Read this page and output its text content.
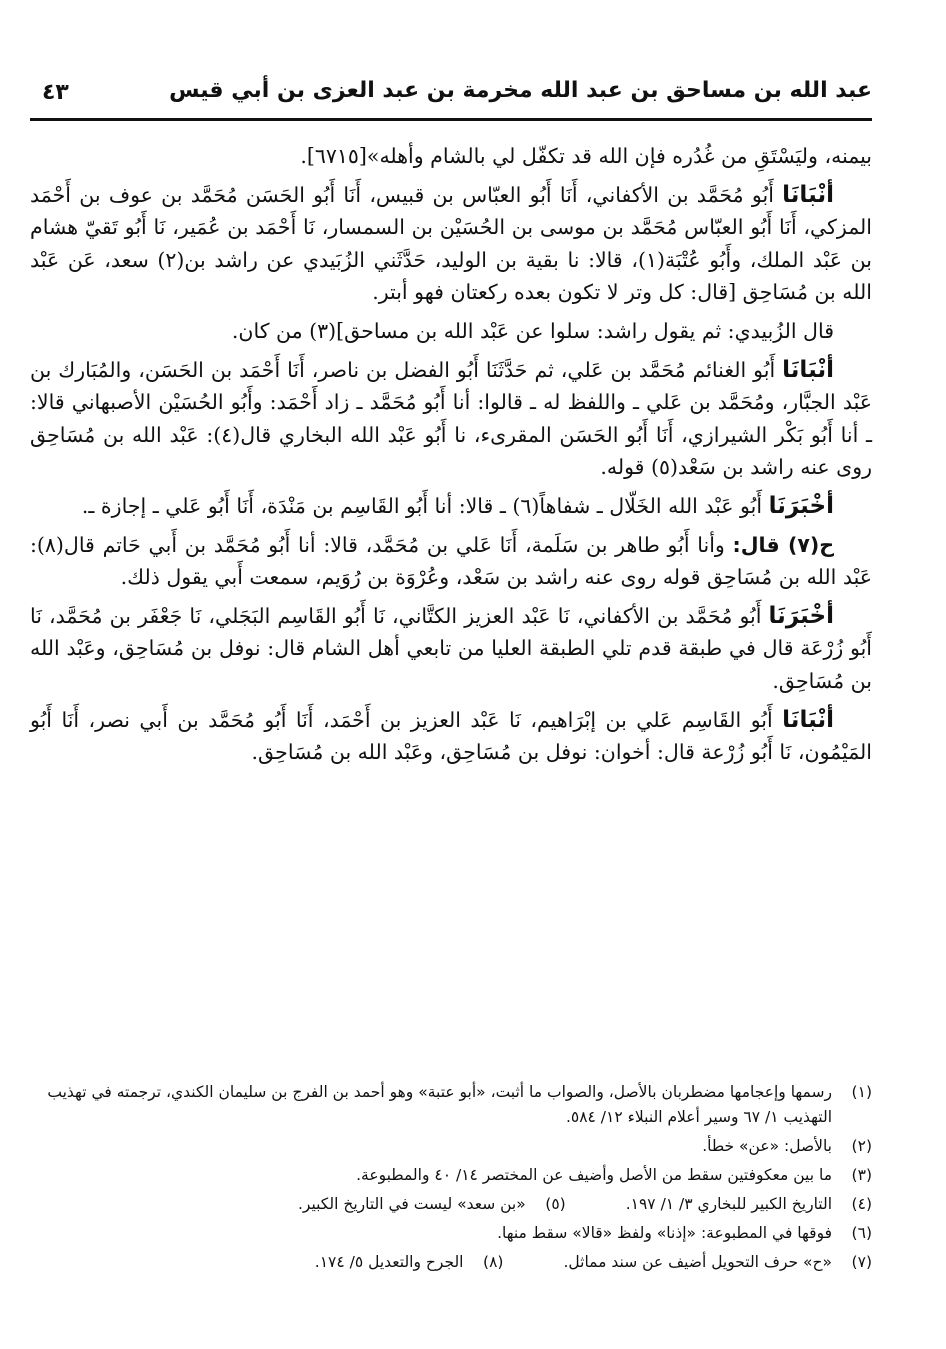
عبد الله بن مساحق بن عبد الله مخرمة بن عبد العزى بن أبي قيس
٤٣

بيمنه، وليَسْتَقِ من غُدُره فإن الله قد تكفّل لي بالشام وأهله»[٦٧١٥].

أنْبَانَا أَبُو مُحَمَّد بن الأكفاني، أَنَا أَبُو العبّاس بن قبيس، أَنَا أَبُو الحَسَن مُحَمَّد بن عوف بن أَحْمَد المزكي، أَنَا أَبُو العبّاس مُحَمَّد بن موسى بن الحُسَيْن بن السمسار، نَا أَحْمَد بن عُمَير، نَا أَبُو تَقيّ هشام بن عَبْد الملك، وأَبُو عُتْبَة(١)، قالا: نا بقية بن الوليد، حَدَّثَني الزُبَيدي عن راشد بن(٢) سعد، عَن عَبْد الله بن مُسَاحِق [قال: كل وتر لا تكون بعده ركعتان فهو أبتر.

قال الزُبيدي: ثم يقول راشد: سلوا عن عَبْد الله بن مساحق](٣) من كان.

أنْبَانَا أَبُو الغنائم مُحَمَّد بن عَلي، ثم حَدَّثَنَا أَبُو الفضل بن ناصر، أَنَا أَحْمَد بن الحَسَن، والمُبَارك بن عَبْد الجبَّار، ومُحَمَّد بن عَلي ـ واللفظ له ـ قالوا: أنا أَبُو مُحَمَّد ـ زاد أَحْمَد: وأَبُو الحُسَيْن الأصبهاني قالا: ـ أنا أَبُو بَكْر الشيرازي، أَنَا أَبُو الحَسَن المقرىء، نا أَبُو عَبْد الله البخاري قال(٤): عَبْد الله بن مُسَاحِق روى عنه راشد بن سَعْد(٥) قوله.

أخْبَرَنَا أَبُو عَبْد الله الخَلّال ـ شفاهاً(٦) ـ قالا: أنا أَبُو القَاسِم بن مَنْدَة، أَنَا أَبُو عَلي ـ إجازة ـ.

ح(٧) قال: وأنا أَبُو طاهر بن سَلَمة، أَنَا عَلي بن مُحَمَّد، قالا: أنا أَبُو مُحَمَّد بن أَبي حَاتم قال(٨): عَبْد الله بن مُسَاحِق قوله روى عنه راشد بن سَعْد، وعُرْوَة بن رُوَيم، سمعت أَبي يقول ذلك.

أخْبَرَنَا أَبُو مُحَمَّد بن الأكفاني، نَا عَبْد العزيز الكتَّاني، نَا أَبُو القَاسِم البَجَلي، نَا جَعْفَر بن مُحَمَّد، نَا أَبُو زُرْعَة قال في طبقة قدم تلي الطبقة العليا من تابعي أهل الشام قال: نوفل بن مُسَاحِق، وعَبْد الله بن مُسَاحِق.

أنْبَانَا أَبُو القَاسِم عَلي بن إبْرَاهيم، نَا عَبْد العزيز بن أَحْمَد، أَنَا أَبُو مُحَمَّد بن أَبي نصر، أَنَا أَبُو المَيْمُون، نَا أَبُو زُرْعة قال: أخوان: نوفل بن مُسَاحِق، وعَبْد الله بن مُسَاحِق.

(١)
رسمها وإعجامها مضطربان بالأصل، والصواب ما أثبت، «أبو عتبة» وهو أحمد بن الفرج بن سليمان الكندي، ترجمته في تهذيب التهذيب ١/ ٦٧ وسير أعلام النبلاء ١٢/ ٥٨٤.
(٢)
بالأصل: «عن» خطأ.
(٣)
ما بين معكوفتين سقط من الأصل وأضيف عن المختصر ١٤/ ٤٠ والمطبوعة.
(٤)
التاريخ الكبير للبخاري ٣/ ١/ ١٩٧.
(٥)
«بن سعد» ليست في التاريخ الكبير.
(٦)
فوقها في المطبوعة: «إذنا» ولفظ «قالا» سقط منها.
(٧)
«ح» حرف التحويل أضيف عن سند مماثل.
(٨)
الجرح والتعديل ٥/ ١٧٤.
